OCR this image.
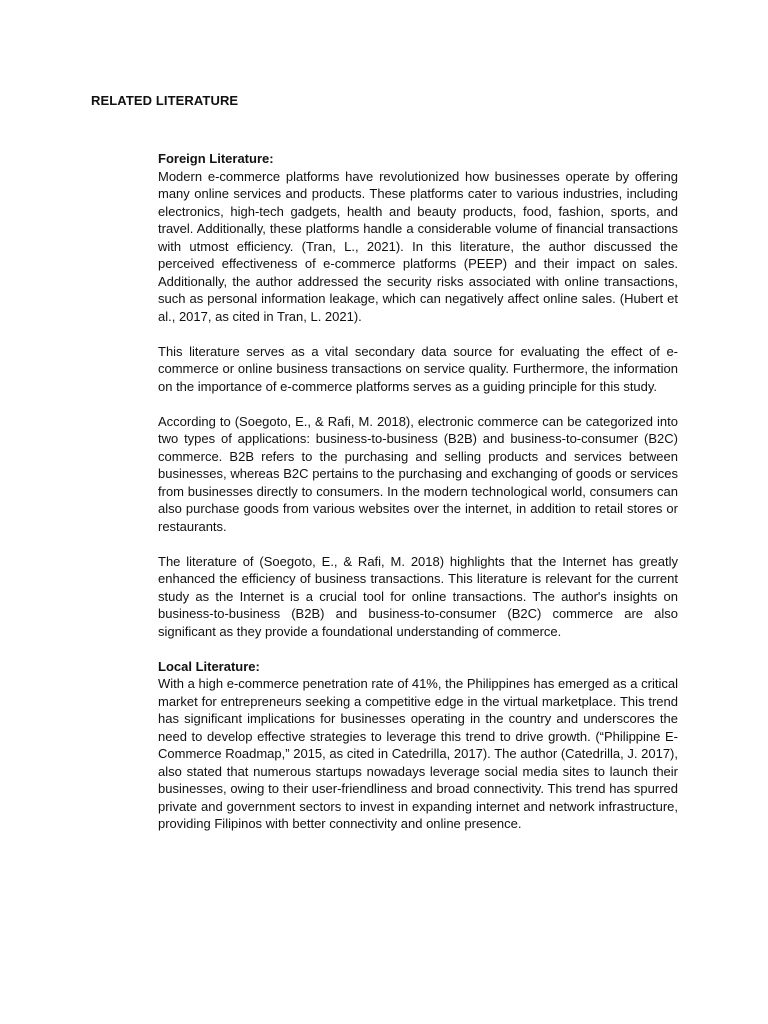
RELATED LITERATURE
Foreign Literature:

Modern e-commerce platforms have revolutionized how businesses operate by offering many online services and products. These platforms cater to various industries, including electronics, high-tech gadgets, health and beauty products, food, fashion, sports, and travel. Additionally, these platforms handle a considerable volume of financial transactions with utmost efficiency. (Tran, L., 2021). In this literature, the author discussed the perceived effectiveness of e-commerce platforms (PEEP) and their impact on sales. Additionally, the author addressed the security risks associated with online transactions, such as personal information leakage, which can negatively affect online sales. (Hubert et al., 2017, as cited in Tran, L. 2021).

This literature serves as a vital secondary data source for evaluating the effect of e-commerce or online business transactions on service quality. Furthermore, the information on the importance of e-commerce platforms serves as a guiding principle for this study.

According to (Soegoto, E., & Rafi, M. 2018), electronic commerce can be categorized into two types of applications: business-to-business (B2B) and business-to-consumer (B2C) commerce. B2B refers to the purchasing and selling products and services between businesses, whereas B2C pertains to the purchasing and exchanging of goods or services from businesses directly to consumers. In the modern technological world, consumers can also purchase goods from various websites over the internet, in addition to retail stores or restaurants.

The literature of (Soegoto, E., & Rafi, M. 2018) highlights that the Internet has greatly enhanced the efficiency of business transactions. This literature is relevant for the current study as the Internet is a crucial tool for online transactions. The author's insights on business-to-business (B2B) and business-to-consumer (B2C) commerce are also significant as they provide a foundational understanding of commerce.

Local Literature:

With a high e-commerce penetration rate of 41%, the Philippines has emerged as a critical market for entrepreneurs seeking a competitive edge in the virtual marketplace. This trend has significant implications for businesses operating in the country and underscores the need to develop effective strategies to leverage this trend to drive growth. (“Philippine E-Commerce Roadmap,” 2015, as cited in Catedrilla, 2017). The author (Catedrilla, J. 2017), also stated that numerous startups nowadays leverage social media sites to launch their businesses, owing to their user-friendliness and broad connectivity. This trend has spurred private and government sectors to invest in expanding internet and network infrastructure, providing Filipinos with better connectivity and online presence.
